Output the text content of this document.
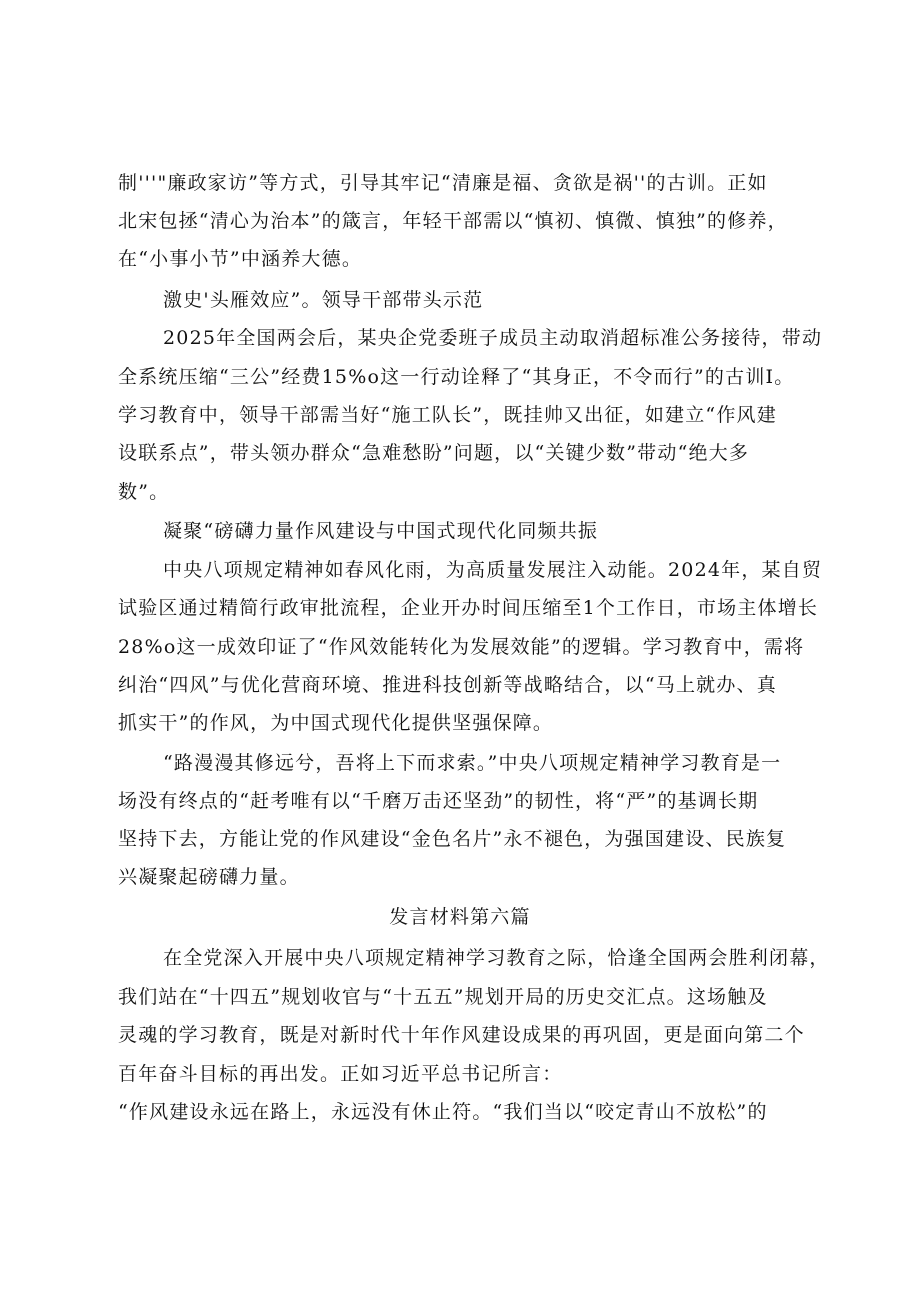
制'''"廉政家访”等方式，引导其牢记“清廉是福、贪欲是祸''的古训。正如
北宋包拯“清心为治本”的箴言，年轻干部需以“慎初、慎微、慎独”的修养，
在“小事小节”中涵养大德。
激史'头雁效应”。领导干部带头示范
2025年全国两会后，某央企党委班子成员主动取消超标准公务接待，带动
全系统压缩“三公”经费15%o这一行动诠释了“其身正，不令而行”的古训I。
学习教育中，领导干部需当好“施工队长”，既挂帅又出征，如建立“作风建
设联系点”，带头领办群众“急难愁盼”问题，以“关键少数”带动“绝大多
数”。
凝聚“磅礴力量作风建设与中国式现代化同频共振
中央八项规定精神如春风化雨，为高质量发展注入动能。2024年，某自贸
试验区通过精简行政审批流程，企业开办时间压缩至1个工作日，市场主体增长
28%o这一成效印证了“作风效能转化为发展效能”的逻辑。学习教育中，需将
纠治“四风”与优化营商环境、推进科技创新等战略结合，以“马上就办、真
抓实干”的作风，为中国式现代化提供坚强保障。
“路漫漫其修远兮，吾将上下而求索。”中央八项规定精神学习教育是一
场没有终点的“赶考唯有以“千磨万击还坚劲”的韧性，将“严”的基调长期
坚持下去，方能让党的作风建设“金色名片”永不褪色，为强国建设、民族复
兴凝聚起磅礴力量。
发言材料第六篇
在全党深入开展中央八项规定精神学习教育之际，恰逢全国两会胜利闭幕，
我们站在“十四五”规划收官与“十五五”规划开局的历史交汇点。这场触及
灵魂的学习教育，既是对新时代十年作风建设成果的再巩固，更是面向第二个
百年奋斗目标的再出发。正如习近平总书记所言：
“作风建设永远在路上，永远没有休止符。“我们当以“咬定青山不放松”的
